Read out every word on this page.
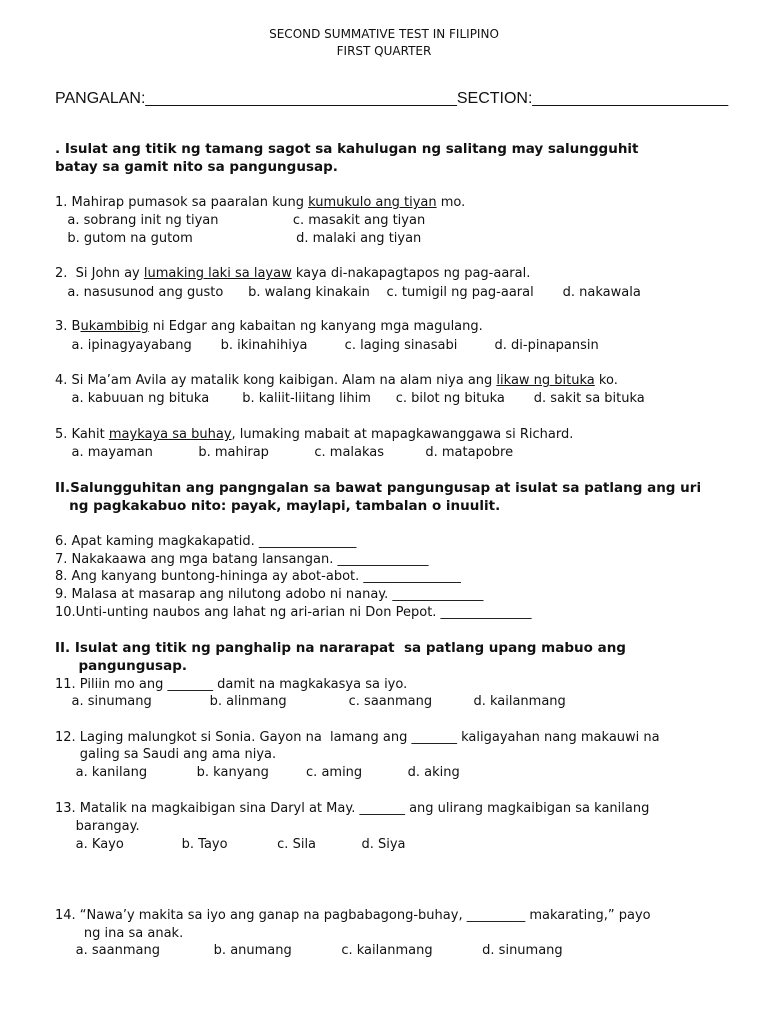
SECOND SUMMATIVE TEST IN FILIPINO
FIRST QUARTER
PANGALAN:___________________________________SECTION:______________________
. Isulat ang titik ng tamang sagot sa kahulugan ng salitang may salungguhit
batay sa gamit nito sa pangungusap.
1. Mahirap pumasok sa paaralan kung kumukulo ang tiyan mo.
a. sobrang init ng tiyan                  c. masakit ang tiyan
b. gutom na gutom                         d. malaki ang tiyan
2.  Si John ay lumaking laki sa layaw kaya di-nakapagtapos ng pag-aaral.
a. nasusunod ang gusto      b. walang kinakain    c. tumigil ng pag-aaral       d. nakawala
3. Bukambibig ni Edgar ang kabaitan ng kanyang mga magulang.
a. ipinagyayabang       b. ikinahihiya         c. laging sinasabi         d. di-pinapansin
4. Si Ma’am Avila ay matalik kong kaibigan. Alam na alam niya ang likaw ng bituka ko.
a. kabuuan ng bituka        b. kaliit-liitang lihim      c. bilot ng bituka       d. sakit sa bituka
5. Kahit maykaya sa buhay, lumaking mabait at mapagkawanggawa si Richard.
a. mayaman           b. mahirap           c. malakas          d. matapobre
II.Salungguhitan ang pangngalan sa bawat pangungusap at isulat sa patlang ang uri
ng pagkakabuo nito: payak, maylapi, tambalan o inuulit.
6. Apat kaming magkakapatid. _______________
7. Nakakaawa ang mga batang lansangan. ______________
8. Ang kanyang buntong-hininga ay abot-abot. _______________
9. Malasa at masarap ang nilutong adobo ni nanay. ______________
10.Unti-unting naubos ang lahat ng ari-arian ni Don Pepot. ______________
II. Isulat ang titik ng panghalip na nararapat  sa patlang upang mabuo ang
pangungusap.
11. Piliin mo ang _______ damit na magkakasya sa iyo.
a. sinumang              b. alinmang               c. saanmang          d. kailanmang
12. Laging malungkot si Sonia. Gayon na  lamang ang _______ kaligayahan nang makauwi na
galing sa Saudi ang ama niya.
a. kanilang            b. kanyang         c. aming           d. aking
13. Matalik na magkaibigan sina Daryl at May. _______ ang ulirang magkaibigan sa kanilang
barangay.
a. Kayo              b. Tayo            c. Sila           d. Siya
14. “Nawa’y makita sa iyo ang ganap na pagbabagong-buhay, _________ makarating,” payo
ng ina sa anak.
a. saanmang             b. anumang            c. kailanmang            d. sinumang
